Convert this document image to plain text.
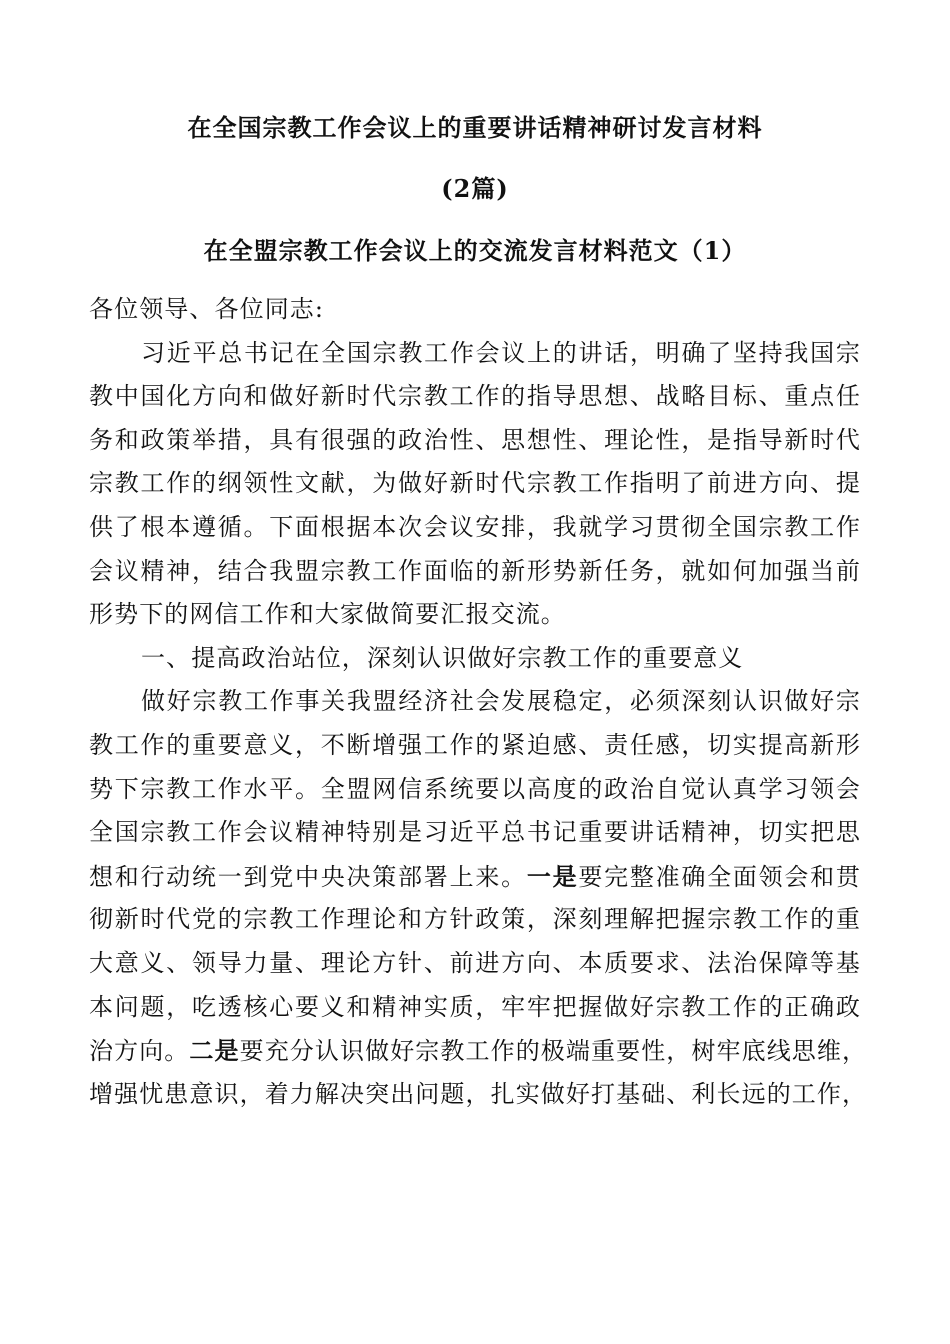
在全国宗教工作会议上的重要讲话精神研讨发言材料
(2篇)
在全盟宗教工作会议上的交流发言材料范文（1）
各位领导、各位同志:
习近平总书记在全国宗教工作会议上的讲话，明确了坚持我国宗
教中国化方向和做好新时代宗教工作的指导思想、战略目标、重点任
务和政策举措，具有很强的政治性、思想性、理论性，是指导新时代
宗教工作的纲领性文献，为做好新时代宗教工作指明了前进方向、提
供了根本遵循。下面根据本次会议安排，我就学习贯彻全国宗教工作
会议精神，结合我盟宗教工作面临的新形势新任务，就如何加强当前
形势下的网信工作和大家做简要汇报交流。
一、提高政治站位，深刻认识做好宗教工作的重要意义
做好宗教工作事关我盟经济社会发展稳定，必须深刻认识做好宗
教工作的重要意义，不断增强工作的紧迫感、责任感，切实提高新形
势下宗教工作水平。全盟网信系统要以高度的政治自觉认真学习领会
全国宗教工作会议精神特别是习近平总书记重要讲话精神，切实把思
想和行动统一到党中央决策部署上来。一是要完整准确全面领会和贯
彻新时代党的宗教工作理论和方针政策，深刻理解把握宗教工作的重
大意义、领导力量、理论方针、前进方向、本质要求、法治保障等基
本问题，吃透核心要义和精神实质，牢牢把握做好宗教工作的正确政
治方向。二是要充分认识做好宗教工作的极端重要性，树牢底线思维，
增强忧患意识，着力解决突出问题，扎实做好打基础、利长远的工作，
